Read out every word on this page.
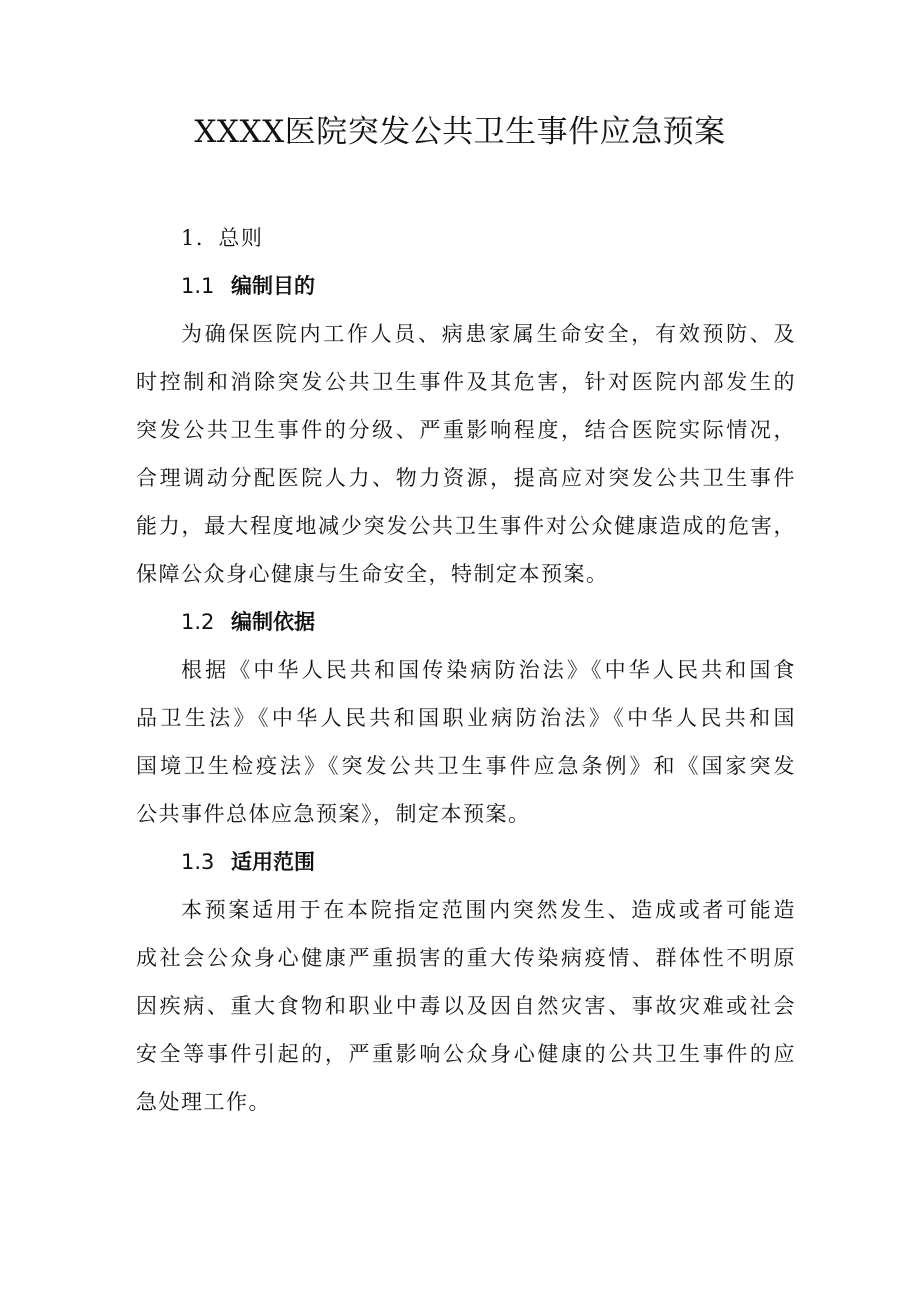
XXXX医院突发公共卫生事件应急预案

1．总则

1.1 编制目的

为确保医院内工作人员、病患家属生命安全，有效预防、及

时控制和消除突发公共卫生事件及其危害，针对医院内部发生的

突发公共卫生事件的分级、严重影响程度，结合医院实际情况，

合理调动分配医院人力、物力资源，提高应对突发公共卫生事件

能力，最大程度地减少突发公共卫生事件对公众健康造成的危害，

保障公众身心健康与生命安全，特制定本预案。

1.2 编制依据

根据《中华人民共和国传染病防治法》《中华人民共和国食

品卫生法》《中华人民共和国职业病防治法》《中华人民共和国

国境卫生检疫法》《突发公共卫生事件应急条例》和《国家突发

公共事件总体应急预案》，制定本预案。

1.3 适用范围

本预案适用于在本院指定范围内突然发生、造成或者可能造

成社会公众身心健康严重损害的重大传染病疫情、群体性不明原

因疾病、重大食物和职业中毒以及因自然灾害、事故灾难或社会

安全等事件引起的，严重影响公众身心健康的公共卫生事件的应

急处理工作。
